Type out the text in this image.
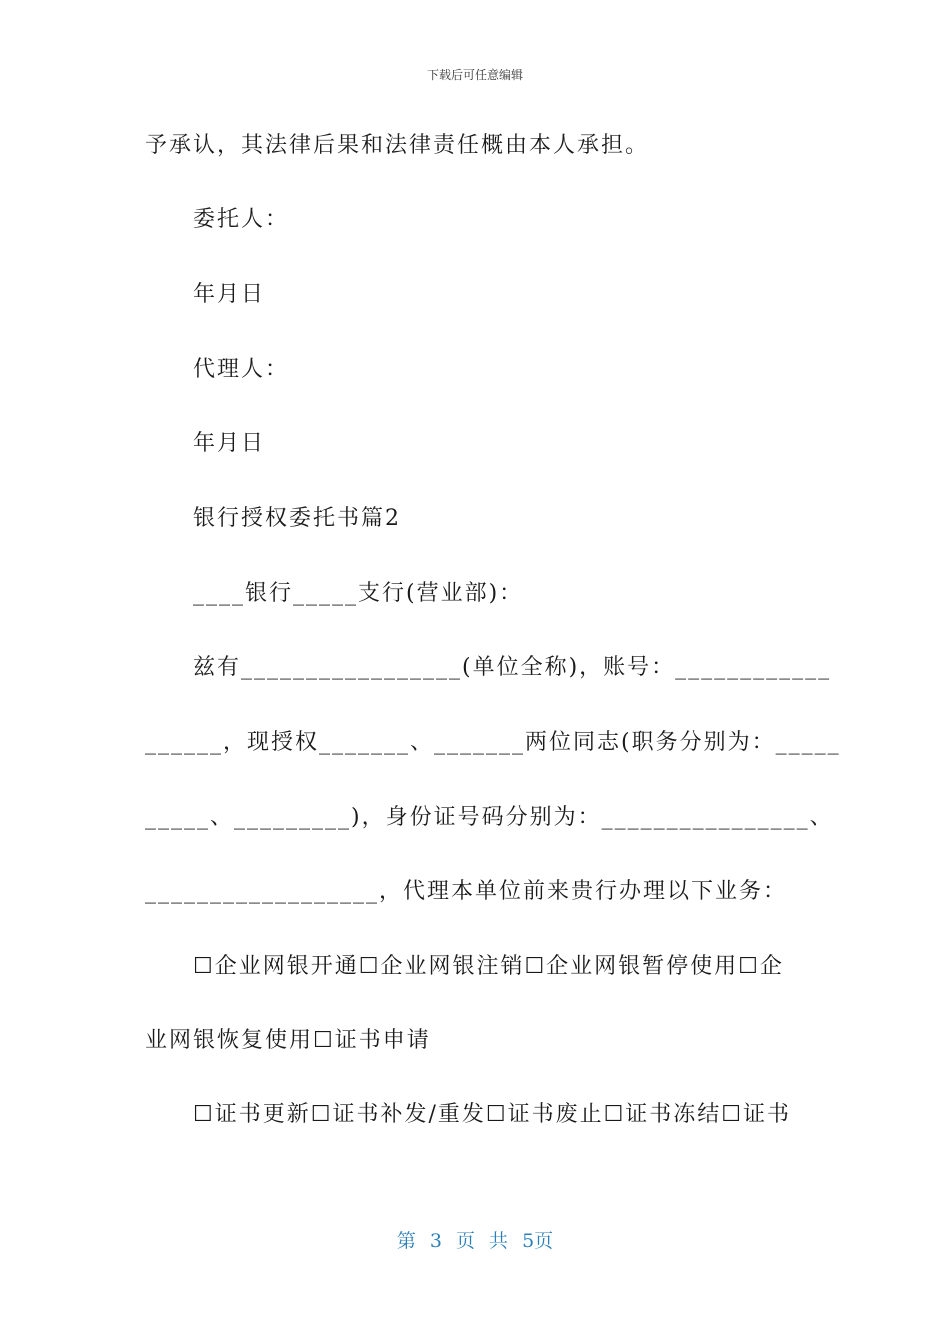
下载后可任意编辑
予承认，其法律后果和法律责任概由本人承担。
委托人：
年月日
代理人：
年月日
银行授权委托书篇2
____银行_____支行(营业部)：
兹有_________________(单位全称)，账号：____________
______，现授权_______、_______两位同志(职务分别为：_____
_____、_________)，身份证号码分别为：________________、
__________________，代理本单位前来贵行办理以下业务：
☐企业网银开通☐企业网银注销☐企业网银暂停使用☐企
业网银恢复使用☐证书申请
☐证书更新☐证书补发/重发☐证书废止☐证书冻结☐证书
第 3 页 共 5页
